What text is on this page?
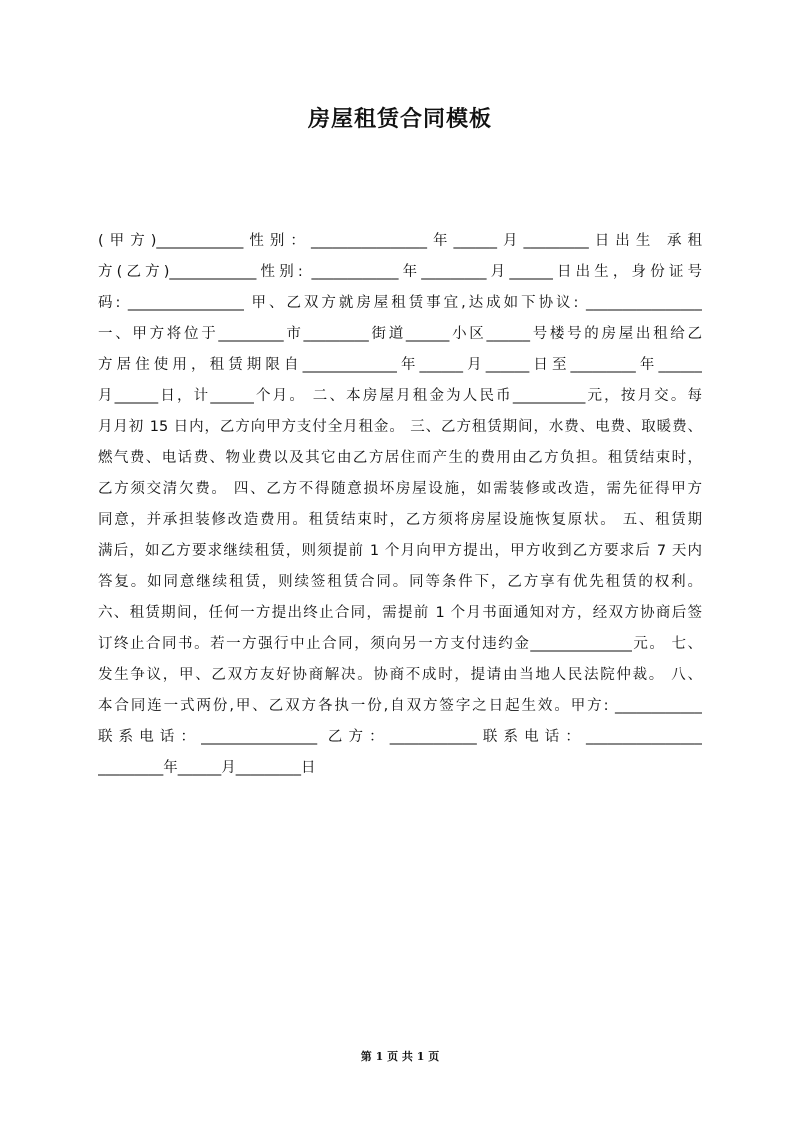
房屋租赁合同模板
(甲方)____________性别：________________年______月_________日出生 承租
方(乙方)____________性别: ____________年_________月______日出生，身份证号
码: ________________ 甲、乙双方就房屋租赁事宜,达成如下协议: ________________
一、甲方将位于_________市_________街道______小区______号楼号的房屋出租给乙
方居住使用，租赁期限自_____________年______月______日至_________年______
月______日，计______个月。 二、本房屋月租金为人民币__________元，按月交。每
月月初 15 日内，乙方向甲方支付全月租金。 三、乙方租赁期间，水费、电费、取暖费、
燃气费、电话费、物业费以及其它由乙方居住而产生的费用由乙方负担。租赁结束时，
乙方须交清欠费。 四、乙方不得随意损坏房屋设施，如需装修或改造，需先征得甲方
同意，并承担装修改造费用。租赁结束时，乙方须将房屋设施恢复原状。 五、租赁期
满后，如乙方要求继续租赁，则须提前 1 个月向甲方提出，甲方收到乙方要求后 7 天内
答复。如同意继续租赁，则续签租赁合同。同等条件下，乙方享有优先租赁的权利。
六、租赁期间，任何一方提出终止合同，需提前 1 个月书面通知对方，经双方协商后签
订终止合同书。若一方强行中止合同，须向另一方支付违约金______________元。 七、
发生争议，甲、乙双方友好协商解决。协商不成时，提请由当地人民法院仲裁。 八、
本合同连一式两份,甲、乙双方各执一份,自双方签字之日起生效。甲方: ____________
联系电话：________________ 乙方：____________联系电话：________________
_________年______月_________日

第 1 页 共 1 页
